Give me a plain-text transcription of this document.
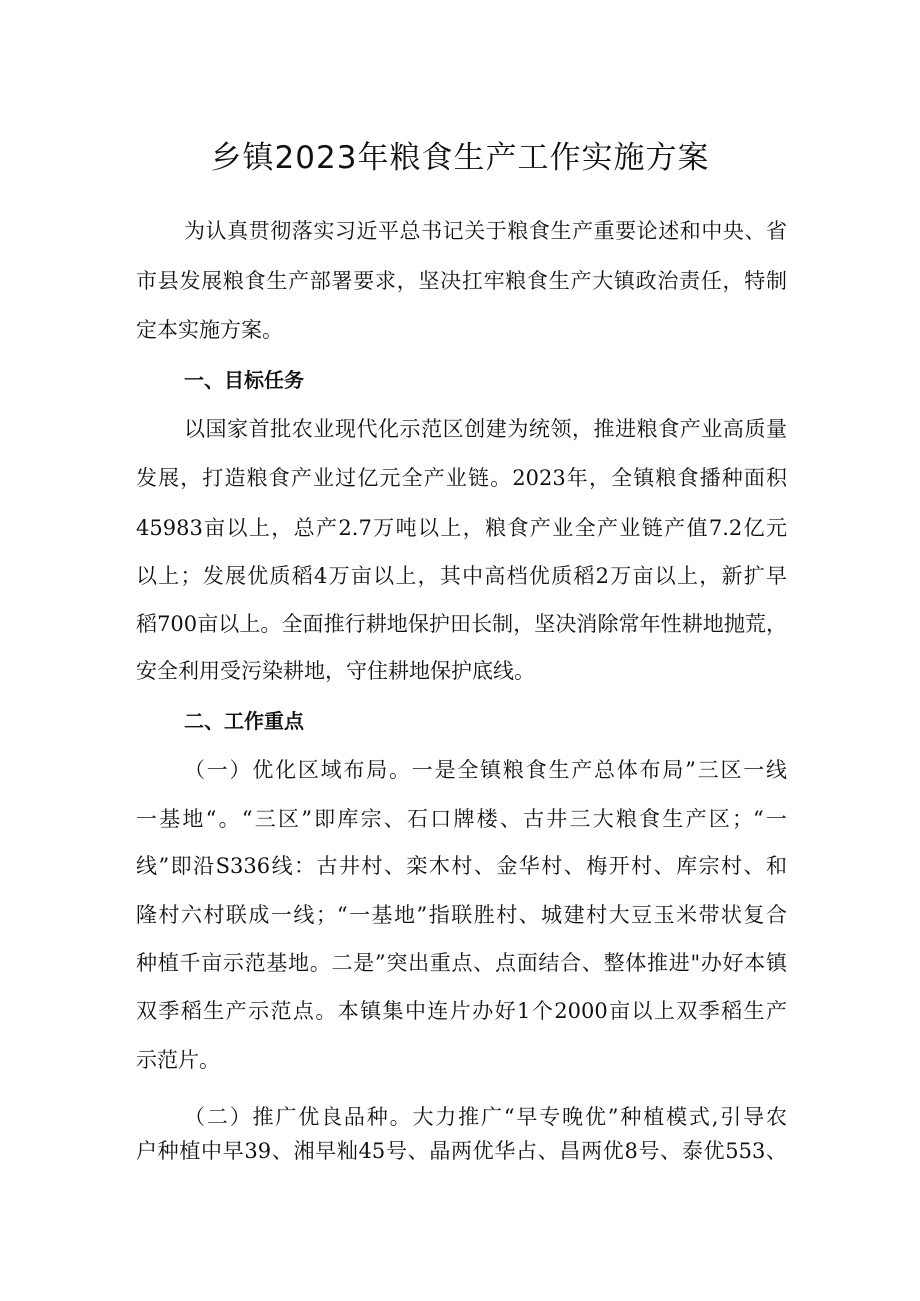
乡镇2023年粮食生产工作实施方案
为认真贯彻落实习近平总书记关于粮食生产重要论述和中央、省
市县发展粮食生产部署要求，坚决扛牢粮食生产大镇政治责任，特制
定本实施方案。
一、目标任务
以国家首批农业现代化示范区创建为统领，推进粮食产业高质量
发展，打造粮食产业过亿元全产业链。2023年，全镇粮食播种面积
45983亩以上，总产2.7万吨以上，粮食产业全产业链产值7.2亿元
以上；发展优质稻4万亩以上，其中高档优质稻2万亩以上，新扩早
稻700亩以上。全面推行耕地保护田长制，坚决消除常年性耕地抛荒，
安全利用受污染耕地，守住耕地保护底线。
二、工作重点
（一）优化区域布局。一是全镇粮食生产总体布局”三区一线
一基地“。“三区”即库宗、石口牌楼、古井三大粮食生产区；“一
线”即沿S336线：古井村、栾木村、金华村、梅开村、库宗村、和
隆村六村联成一线；“一基地”指联胜村、城建村大豆玉米带状复合
种植千亩示范基地。二是”突出重点、点面结合、整体推进"办好本镇
双季稻生产示范点。本镇集中连片办好1个2000亩以上双季稻生产
示范片。
（二）推广优良品种。大力推广“早专晚优”种植模式,引导农
户种植中早39、湘早籼45号、晶两优华占、昌两优8号、泰优553、
